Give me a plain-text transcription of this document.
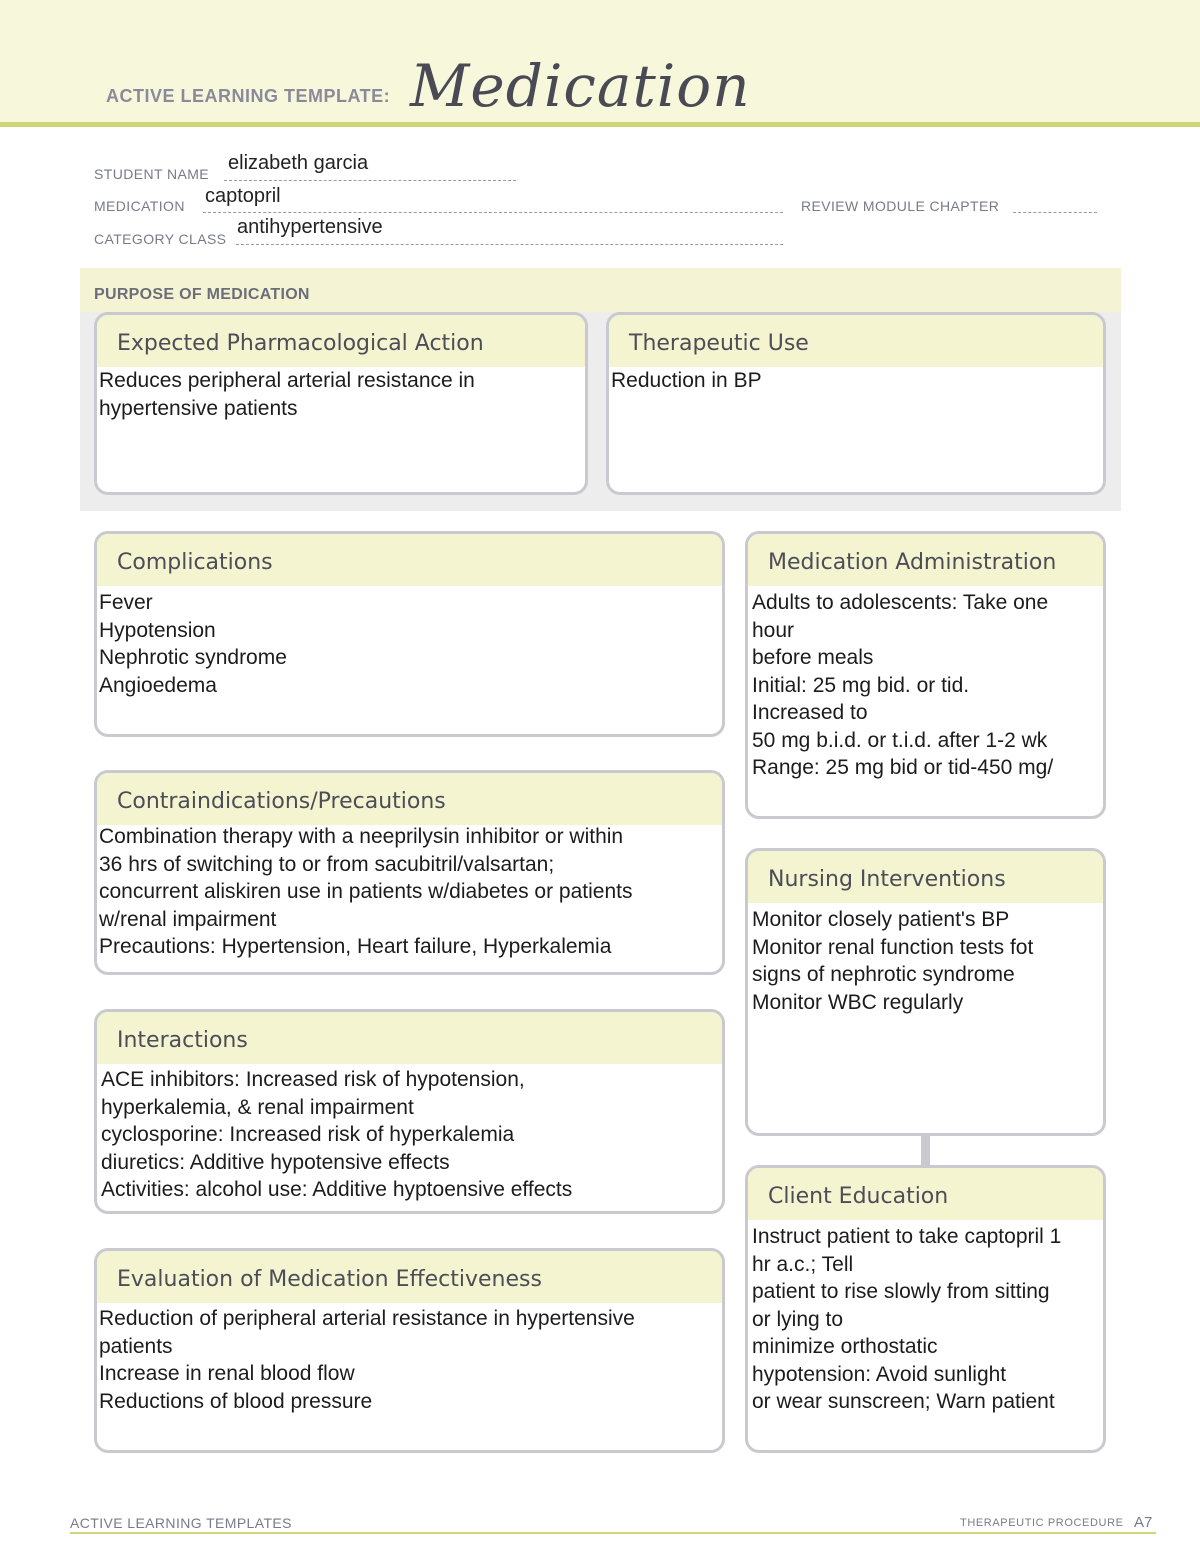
ACTIVE LEARNING TEMPLATE: Medication
STUDENT NAME elizabeth garcia
MEDICATION captopril	REVIEW MODULE CHAPTER
CATEGORY CLASS
antihypertensive
PURPOSE OF MEDICATION
Expected Pharmacological Action
Reduces peripheral arterial resistance in
hypertensive patients
Therapeutic Use
Reduction in BP
Complications
Fever
Hypotension
Nephrotic syndrome
Angioedema
Medication Administration
Adults to adolescents: Take one
hour
before meals
Initial: 25 mg bid. or tid.
Increased to
50 mg b.i.d. or t.i.d. after 1-2 wk
Range: 25 mg bid or tid-450 mg/
Contraindications/Precautions
Combination therapy with a neeprilysin inhibitor or within
36 hrs of switching to or from sacubitril/valsartan;
concurrent aliskiren use in patients w/diabetes or patients
w/renal impairment
Precautions: Hypertension, Heart failure, Hyperkalemia
Nursing Interventions
Monitor closely patient's BP
Monitor renal function tests fot
signs of nephrotic syndrome
Monitor WBC regularly
Interactions
ACE inhibitors: Increased risk of hypotension,
hyperkalemia, & renal impairment
cyclosporine: Increased risk of hyperkalemia
diuretics: Additive hypotensive effects
Activities: alcohol use: Additive hyptoensive effects	Client Education
Instruct patient to take captopril 1
hr a.c.; Tell
patient to rise slowly from sitting
or lying to
minimize orthostatic
hypotension: Avoid sunlight
or wear sunscreen; Warn patient
Evaluation of Medication Effectiveness
Reduction of peripheral arterial resistance in hypertensive
patients
Increase in renal blood flow
Reductions of blood pressure
ACTIVE LEARNING TEMPLATES	THERAPEUTIC PROCEDURE A7
